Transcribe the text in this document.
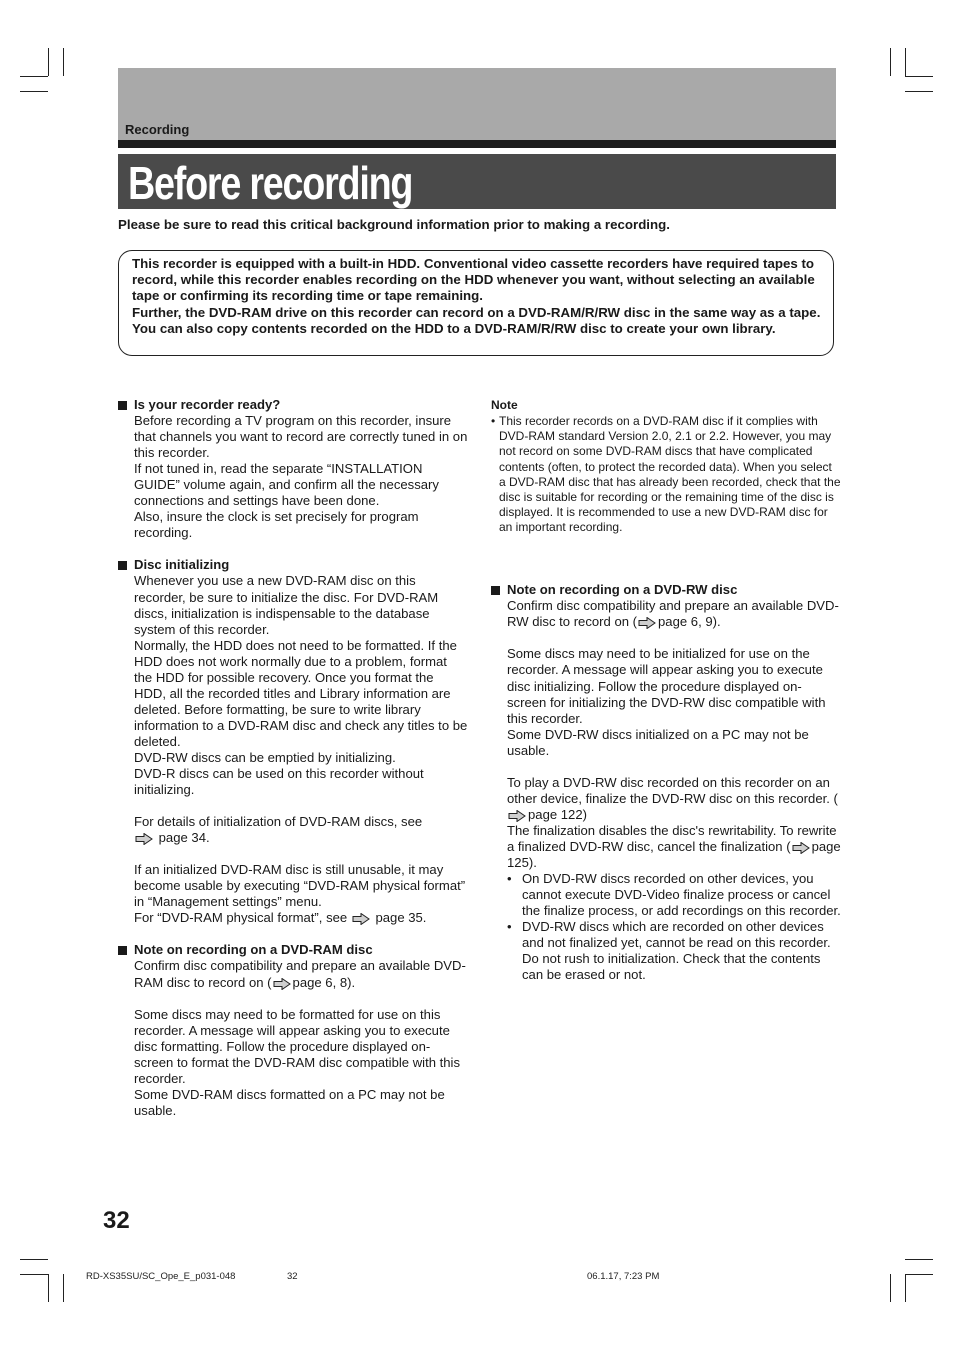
Recording
Before recording
Please be sure to read this critical background information prior to making a recording.

This recorder is equipped with a built-in HDD. Conventional video cassette recorders have required tapes to record, while this recorder enables recording on the HDD whenever you want, without selecting an available tape or confirming its recording time or tape remaining.

Further, the DVD-RAM drive on this recorder can record on a DVD-RAM/R/RW disc in the same way as a tape. You can also copy contents recorded on the HDD to a DVD-RAM/R/RW disc to create your own library.

Is your recorder ready?

Before recording a TV program on this recorder, insure that channels you want to record are correctly tuned in on this recorder.

If not tuned in, read the separate “INSTALLATION GUIDE” volume again, and confirm all the necessary connections and settings have been done.

Also, insure the clock is set precisely for program recording.

Disc initializing

Whenever you use a new DVD-RAM disc on this recorder, be sure to initialize the disc. For DVD-RAM discs, initialization is indispensable to the database system of this recorder.

Normally, the HDD does not need to be formatted. If the HDD does not work normally due to a problem, format the HDD for possible recovery. Once you format the HDD, all the recorded titles and Library information are deleted. Before formatting, be sure to write library information to a DVD-RAM disc and check any titles to be deleted.

DVD-RW discs can be emptied by initializing.

DVD-R discs can be used on this recorder without initializing.

For details of initialization of DVD-RAM discs, see
page 34.

If an initialized DVD-RAM disc is still unusable, it may become usable by executing “DVD-RAM physical format” in “Management settings” menu.

For “DVD-RAM physical format”, see page 35.

Note on recording on a DVD-RAM disc

Confirm disc compatibility and prepare an available DVD-RAM disc to record on ( page 6, 8).

Some discs may need to be formatted for use on this recorder. A message will appear asking you to execute disc formatting. Follow the procedure displayed on-screen to format the DVD-RAM disc compatible with this recorder.

Some DVD-RAM discs formatted on a PC may not be usable.

Note
• This recorder records on a DVD-RAM disc if it complies with DVD-RAM standard Version 2.0, 2.1 or 2.2. However, you may not record on some DVD-RAM discs that have complicated contents (often, to protect the recorded data). When you select a DVD-RAM disc that has already been recorded, check that the disc is suitable for recording or the remaining time of the disc is displayed. It is recommended to use a new DVD-RAM disc for an important recording.
Note on recording on a DVD-RW disc

Confirm disc compatibility and prepare an available DVD-RW disc to record on ( page 6, 9).

Some discs may need to be initialized for use on the recorder. A message will appear asking you to execute disc initializing. Follow the procedure displayed on-screen for initializing the DVD-RW disc compatible with this recorder.

Some DVD-RW discs initialized on a PC may not be usable.

To play a DVD-RW disc recorded on this recorder on an other device, finalize the DVD-RW disc on this recorder. (page 122)

The finalization disables the disc's rewritability. To rewrite a finalized DVD-RW disc, cancel the finalization ( page 125).

• On DVD-RW discs recorded on other devices, you cannot execute DVD-Video finalize process or cancel the finalize process, or add recordings on this recorder.
• DVD-RW discs which are recorded on other devices and not finalized yet, cannot be read on this recorder. Do not rush to initialization. Check that the contents can be erased or not.
32
RD-XS35SU/SC_Ope_E_p031-048	32	06.1.17, 7:23 PM
